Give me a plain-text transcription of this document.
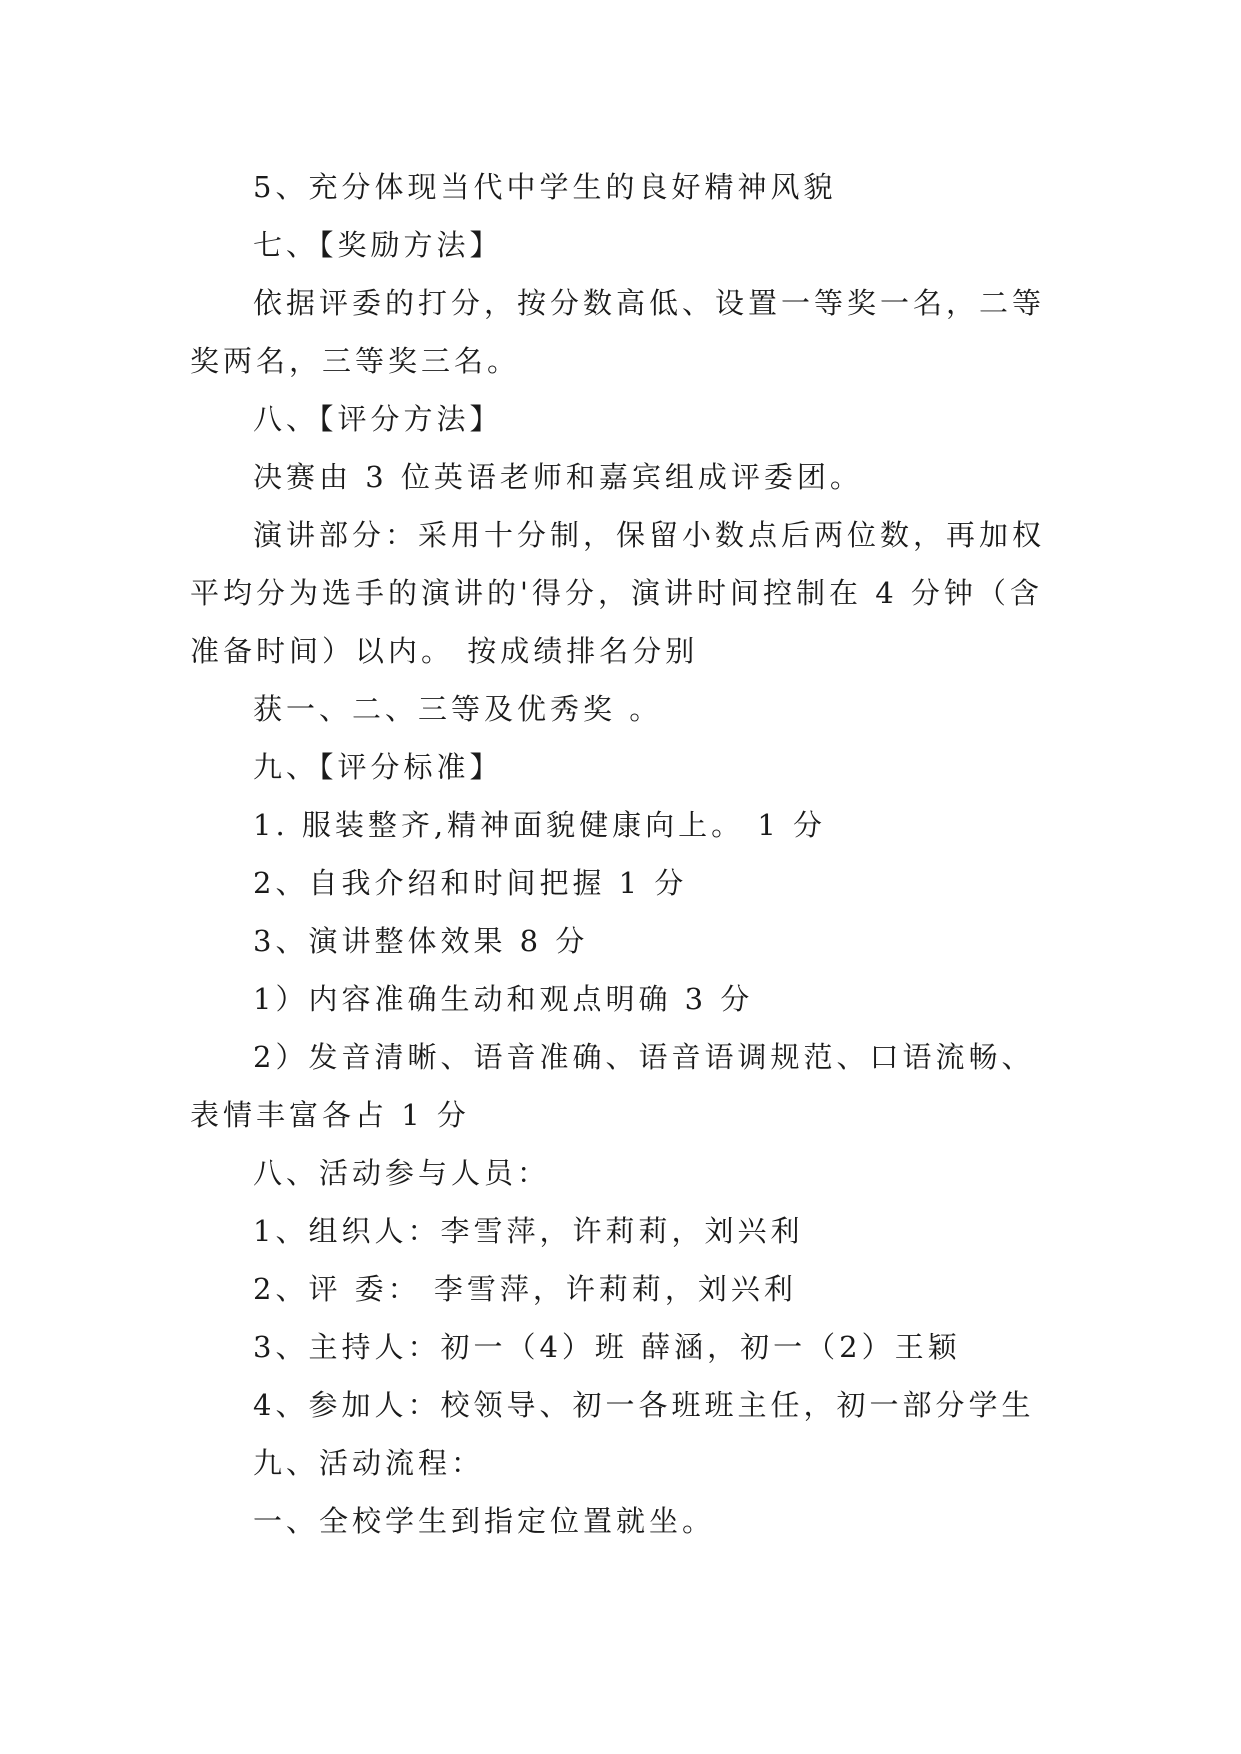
5、充分体现当代中学生的良好精神风貌
七、【奖励方法】
依据评委的打分，按分数高低、设置一等奖一名，二等
奖两名，三等奖三名。
八、【评分方法】
决赛由 3 位英语老师和嘉宾组成评委团。
演讲部分：采用十分制，保留小数点后两位数，再加权
平均分为选手的演讲的'得分，演讲时间控制在 4 分钟（含
准备时间）以内。 按成绩排名分别
获一、二、三等及优秀奖 。
九、【评分标准】
1. 服装整齐,精神面貌健康向上。 1 分
2、自我介绍和时间把握 1 分
3、演讲整体效果 8 分
1）内容准确生动和观点明确 3 分
2）发音清晰、语音准确、语音语调规范、口语流畅、
表情丰富各占 1 分
八、活动参与人员：
1、组织人：李雪萍，许莉莉，刘兴利
2、评 委： 李雪萍，许莉莉，刘兴利
3、主持人：初一（4）班 薛涵，初一（2）王颖
4、参加人：校领导、初一各班班主任，初一部分学生
九、活动流程：
一、全校学生到指定位置就坐。
